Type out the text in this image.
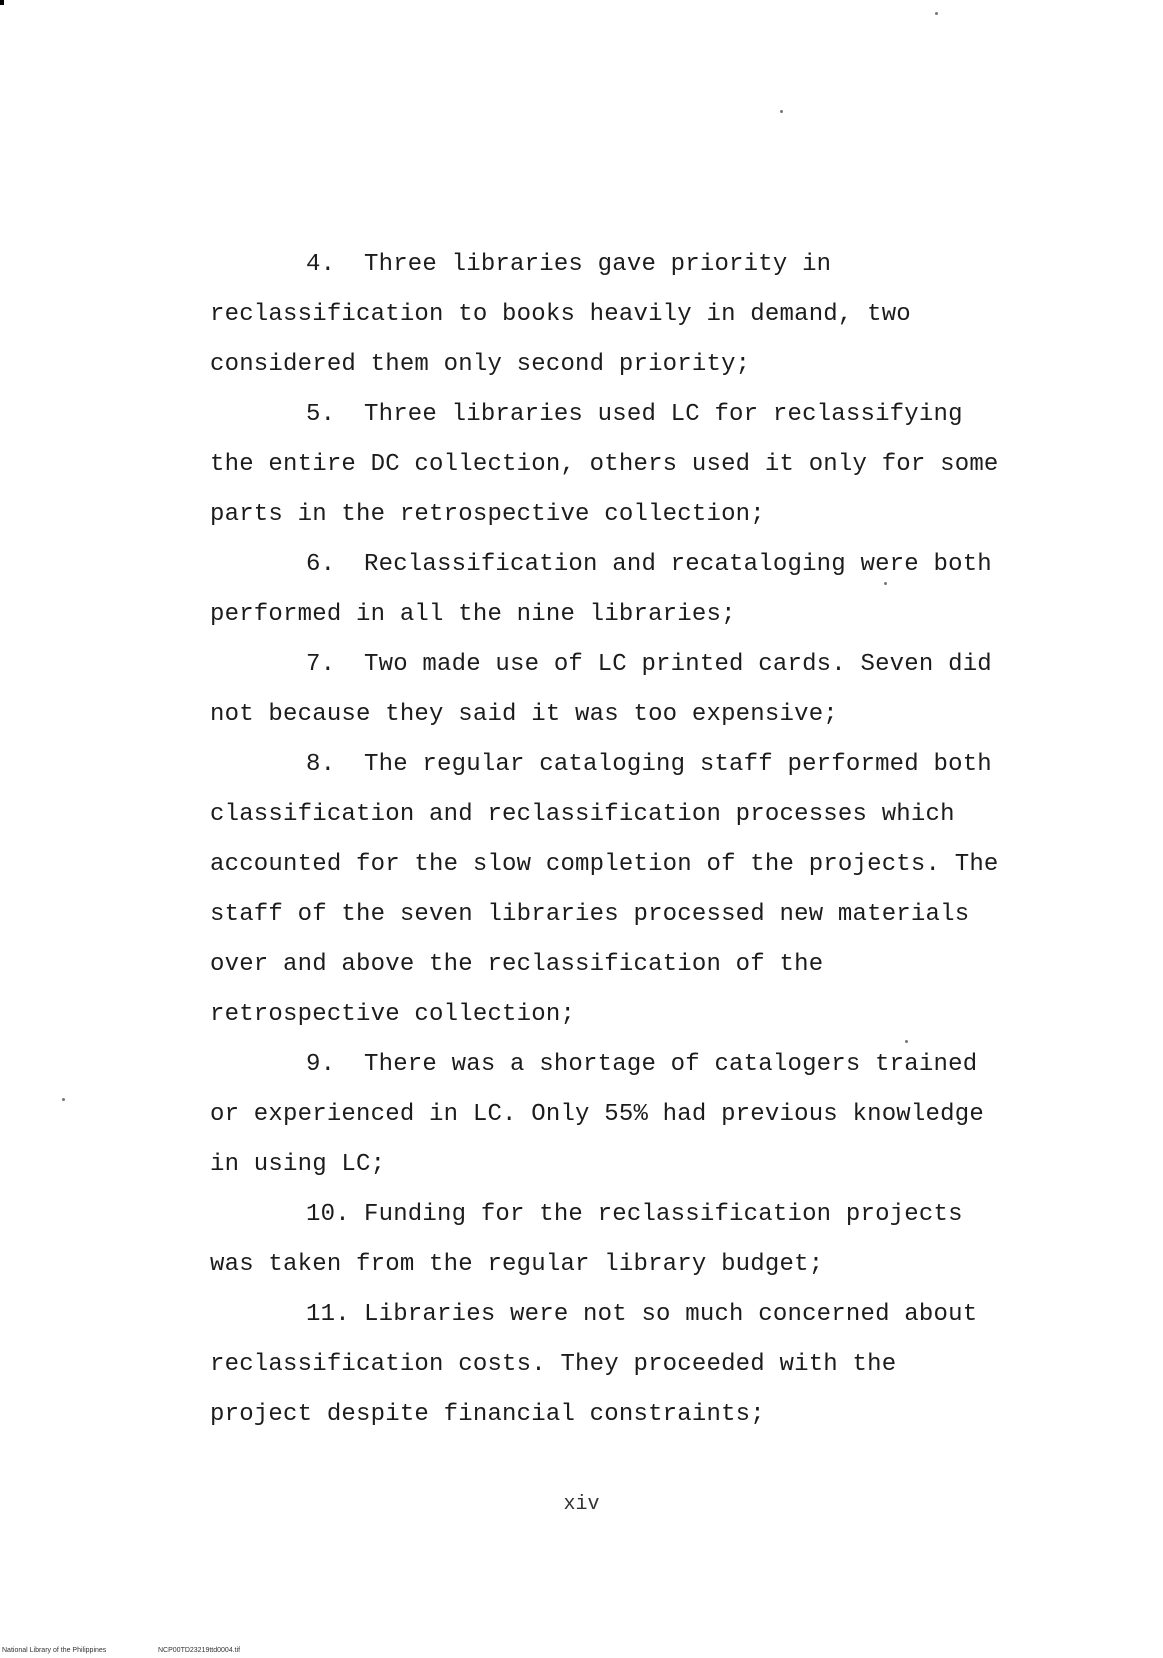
4. Three libraries gave priority in reclassification to books heavily in demand, two considered them only second priority;

5. Three libraries used LC for reclassifying the entire DC collection, others used it only for some parts in the retrospective collection;

6. Reclassification and recataloging were both performed in all the nine libraries;

7. Two made use of LC printed cards. Seven did not because they said it was too expensive;

8. The regular cataloging staff performed both classification and reclassification processes which accounted for the slow completion of the projects. The staff of the seven libraries processed new materials over and above the reclassification of the retrospective collection;

9. There was a shortage of catalogers trained or experienced in LC. Only 55% had previous knowledge in using LC;

10. Funding for the reclassification projects was taken from the regular library budget;

11. Libraries were not so much concerned about reclassification costs. They proceeded with the project despite financial constraints;

xiv
National Library of the Philippines	NCP00TD23219ttd0004.tif
